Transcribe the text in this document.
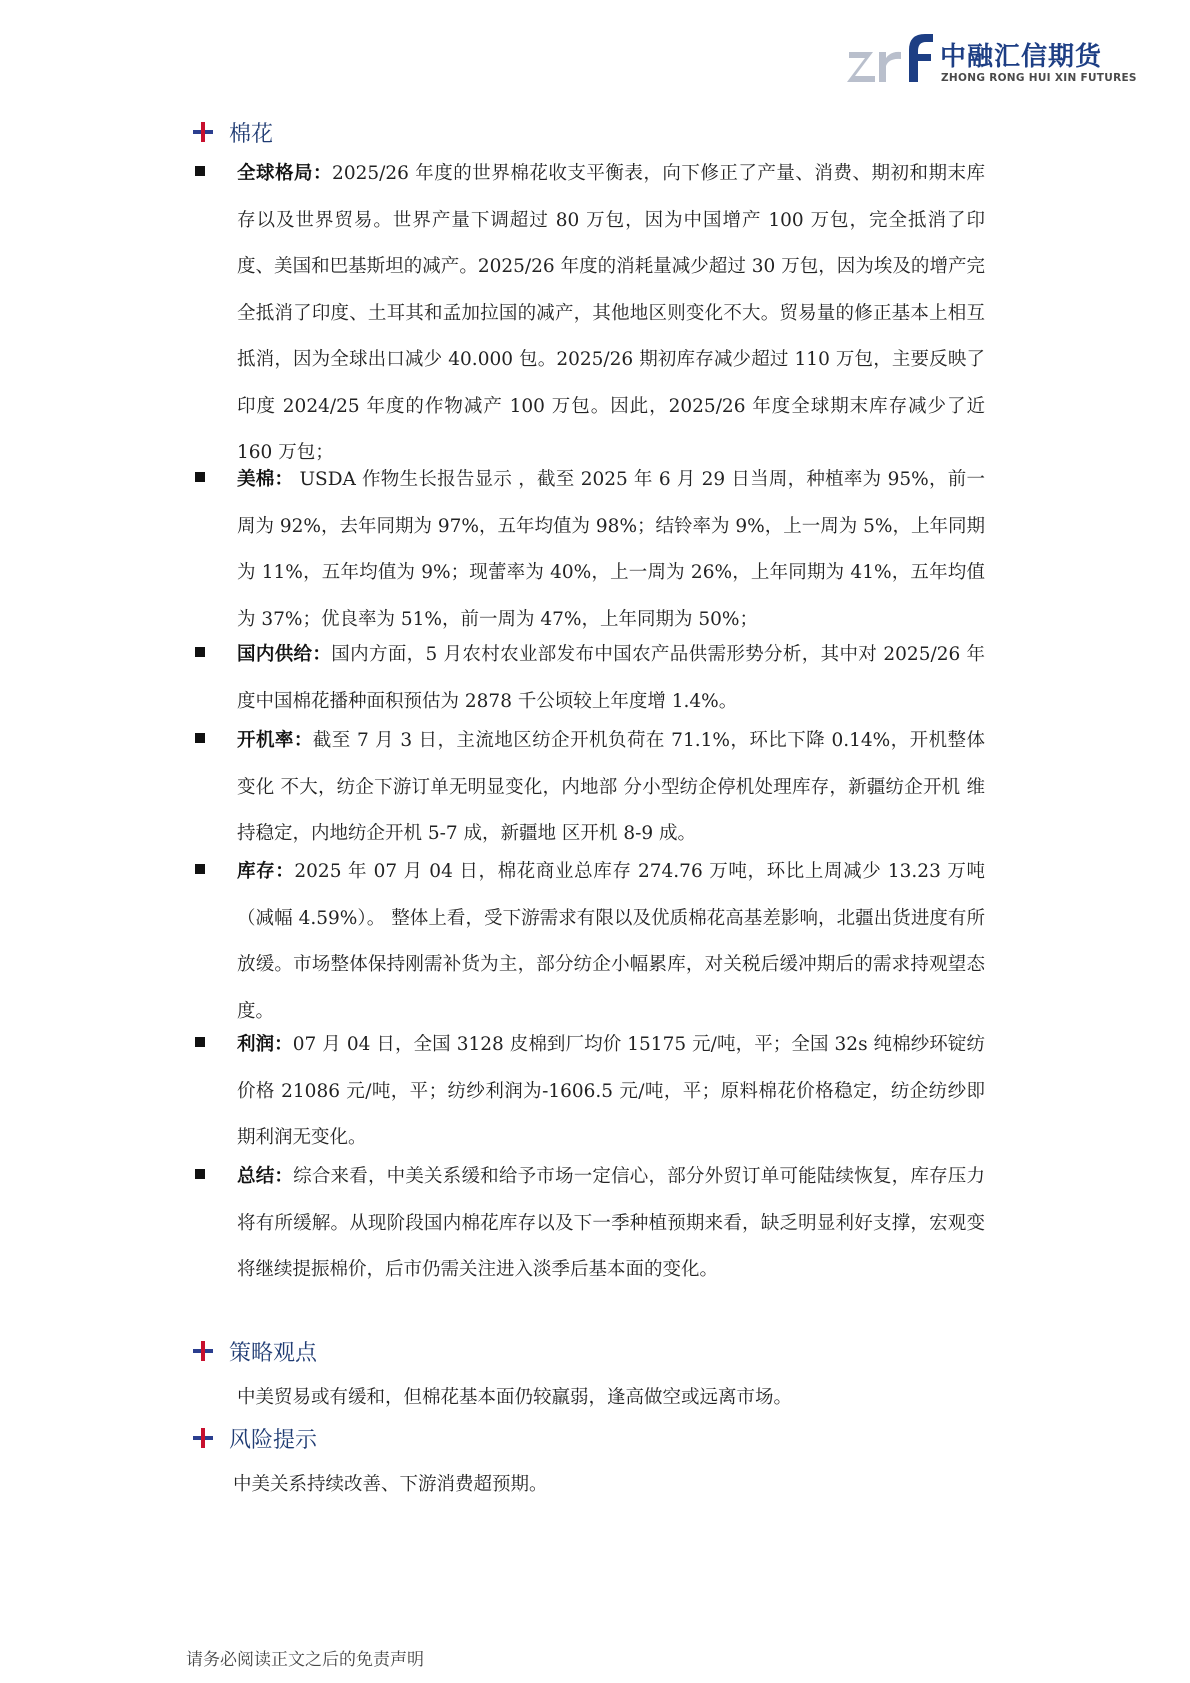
中融汇信期货
ZHONG RONG HUI XIN FUTURES
棉花
全球格局：2025/26 年度的世界棉花收支平衡表，向下修正了产量、消费、期初和期末库存以及世界贸易。世界产量下调超过 80 万包，因为中国增产 100 万包，完全抵消了印度、美国和巴基斯坦的减产。2025/26 年度的消耗量减少超过 30 万包，因为埃及的增产完全抵消了印度、土耳其和孟加拉国的减产，其他地区则变化不大。贸易量的修正基本上相互抵消，因为全球出口减少 40.000 包。2025/26 期初库存减少超过 110 万包，主要反映了印度 2024/25 年度的作物减产 100 万包。因此，2025/26 年度全球期末库存减少了近 160 万包；
美棉： USDA 作物生长报告显示 ，截至 2025 年 6 月 29 日当周，种植率为 95%，前一周为 92%，去年同期为 97%，五年均值为 98%；结铃率为 9%，上一周为 5%，上年同期为 11%，五年均值为 9%；现蕾率为 40%，上一周为 26%，上年同期为 41%，五年均值为 37%；优良率为 51%，前一周为 47%，上年同期为 50%；
国内供给：国内方面，5 月农村农业部发布中国农产品供需形势分析，其中对 2025/26 年度中国棉花播种面积预估为 2878 千公顷较上年度增 1.4%。
开机率：截至 7 月 3 日，主流地区纺企开机负荷在 71.1%，环比下降 0.14%，开机整体变化 不大，纺企下游订单无明显变化，内地部 分小型纺企停机处理库存，新疆纺企开机 维持稳定，内地纺企开机 5-7 成，新疆地 区开机 8-9 成。
库存：2025 年 07 月 04 日，棉花商业总库存 274.76 万吨，环比上周减少 13.23 万吨（减幅 4.59%）。 整体上看，受下游需求有限以及优质棉花高基差影响，北疆出货进度有所放缓。市场整体保持刚需补货为主，部分纺企小幅累库，对关税后缓冲期后的需求持观望态度。
利润：07 月 04 日，全国 3128 皮棉到厂均价 15175 元/吨，平；全国 32s 纯棉纱环锭纺价格 21086 元/吨，平；纺纱利润为-1606.5 元/吨，平；原料棉花价格稳定，纺企纺纱即期利润无变化。
总结：综合来看，中美关系缓和给予市场一定信心，部分外贸订单可能陆续恢复，库存压力将有所缓解。从现阶段国内棉花库存以及下一季种植预期来看，缺乏明显利好支撑，宏观变将继续提振棉价，后市仍需关注进入淡季后基本面的变化。
策略观点
中美贸易或有缓和，但棉花基本面仍较羸弱，逢高做空或远离市场。
风险提示
中美关系持续改善、下游消费超预期。
请务必阅读正文之后的免责声明
